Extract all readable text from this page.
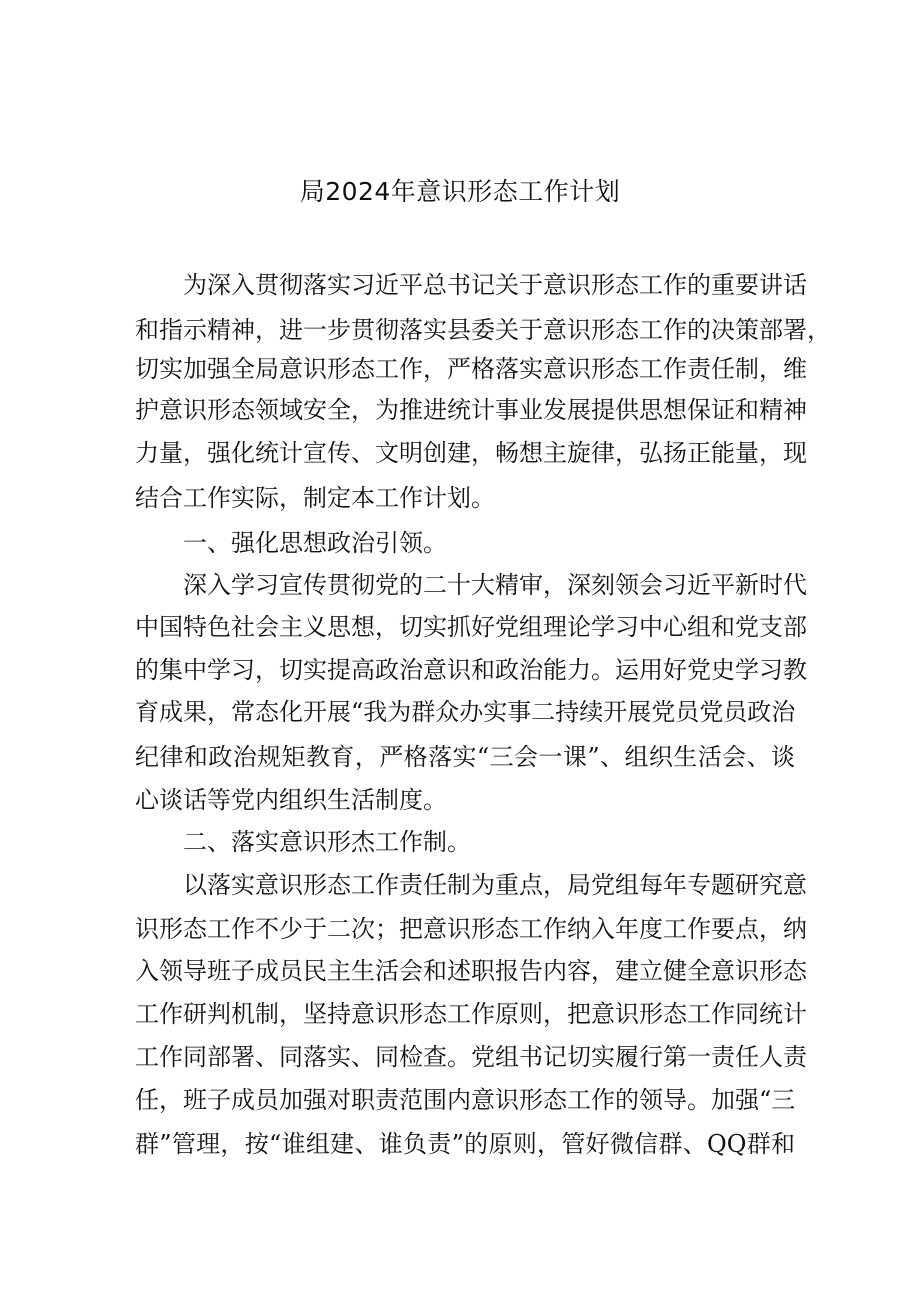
局2024年意识形态工作计划
为深入贯彻落实习近平总书记关于意识形态工作的重要讲话
和指示精神，进一步贯彻落实县委关于意识形态工作的决策部署，
切实加强全局意识形态工作，严格落实意识形态工作责任制，维
护意识形态领域安全，为推进统计事业发展提供思想保证和精神
力量，强化统计宣传、文明创建，畅想主旋律，弘扬正能量，现
结合工作实际，制定本工作计划。
一、强化思想政治引领。
深入学习宣传贯彻党的二十大精审，深刻领会习近平新时代
中国特色社会主义思想，切实抓好党组理论学习中心组和党支部
的集中学习，切实提高政治意识和政治能力。运用好党史学习教
育成果，常态化开展“我为群众办实事二持续开展党员党员政治
纪律和政治规矩教育，严格落实“三会一课”、组织生活会、谈
心谈话等党内组织生活制度。
二、落实意识形杰工作制。
以落实意识形态工作责任制为重点，局党组每年专题研究意
识形态工作不少于二次；把意识形态工作纳入年度工作要点，纳
入领导班子成员民主生活会和述职报告内容，建立健全意识形态
工作研判机制，坚持意识形态工作原则，把意识形态工作同统计
工作同部署、同落实、同检查。党组书记切实履行第一责任人责
任，班子成员加强对职责范围内意识形态工作的领导。加强“三
群”管理，按“谁组建、谁负责”的原则，管好微信群、QQ群和
